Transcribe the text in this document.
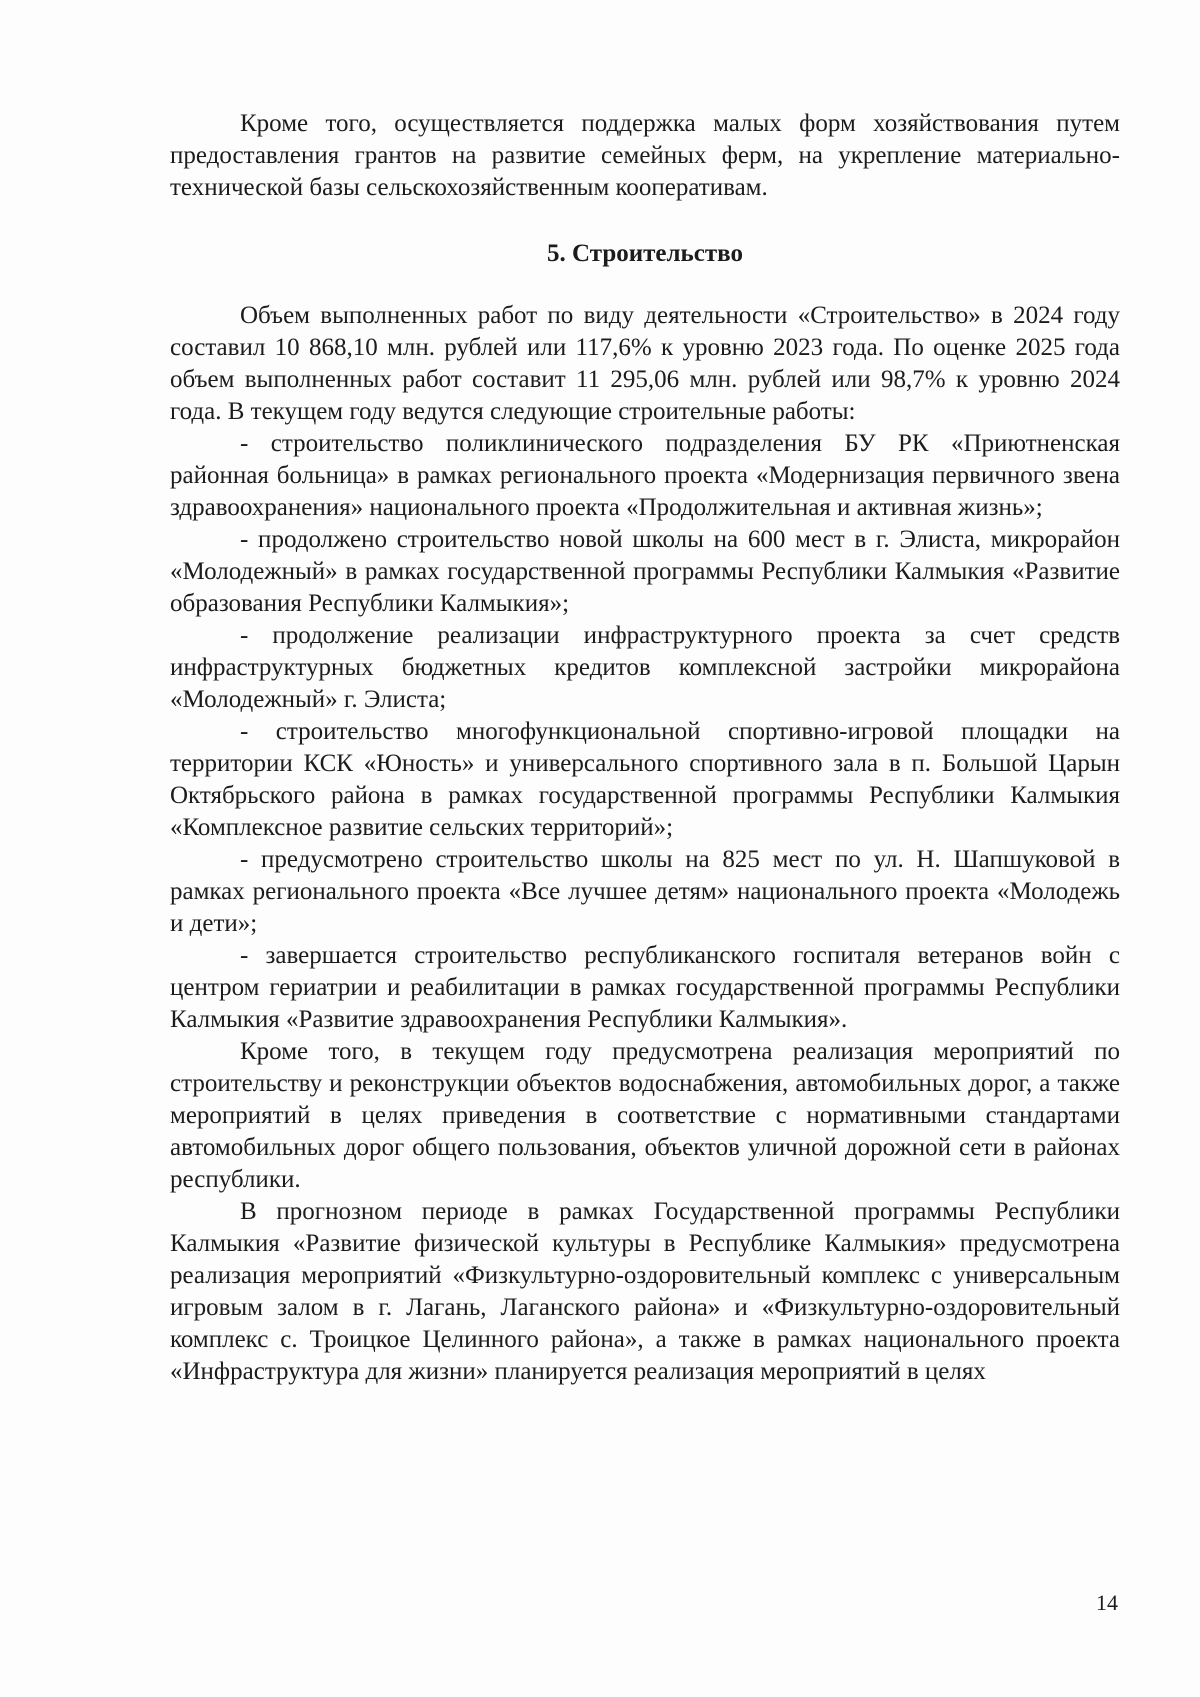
Кроме того, осуществляется поддержка малых форм хозяйствования путем предоставления грантов на развитие семейных ферм, на укрепление материально-технической базы сельскохозяйственным кооперативам.

5. Строительство

Объем выполненных работ по виду деятельности «Строительство» в 2024 году составил 10 868,10 млн. рублей или 117,6% к уровню 2023 года. По оценке 2025 года объем выполненных работ составит 11 295,06 млн. рублей или 98,7% к уровню 2024 года. В текущем году ведутся следующие строительные работы:

- строительство поликлинического подразделения БУ РК «Приютненская районная больница» в рамках регионального проекта «Модернизация первичного звена здравоохранения» национального проекта «Продолжительная и активная жизнь»;

- продолжено строительство новой школы на 600 мест в г. Элиста, микрорайон «Молодежный» в рамках государственной программы Республики Калмыкия «Развитие образования Республики Калмыкия»;

- продолжение реализации инфраструктурного проекта за счет средств инфраструктурных бюджетных кредитов комплексной застройки микрорайона «Молодежный» г. Элиста;

- строительство многофункциональной спортивно-игровой площадки на территории КСК «Юность» и универсального спортивного зала в п. Большой Царын Октябрьского района в рамках государственной программы Республики Калмыкия «Комплексное развитие сельских территорий»;

- предусмотрено строительство школы на 825 мест по ул. Н. Шапшуковой в рамках регионального проекта «Все лучшее детям» национального проекта «Молодежь и дети»;

- завершается строительство республиканского госпиталя ветеранов войн с центром гериатрии и реабилитации в рамках государственной программы Республики Калмыкия «Развитие здравоохранения Республики Калмыкия».

Кроме того, в текущем году предусмотрена реализация мероприятий по строительству и реконструкции объектов водоснабжения, автомобильных дорог, а также мероприятий в целях приведения в соответствие с нормативными стандартами автомобильных дорог общего пользования, объектов уличной дорожной сети в районах республики.

В прогнозном периоде в рамках Государственной программы Республики Калмыкия «Развитие физической культуры в Республике Калмыкия» предусмотрена реализация мероприятий «Физкультурно-оздоровительный комплекс с универсальным игровым залом в г. Лагань, Лаганского района» и «Физкультурно-оздоровительный комплекс с. Троицкое Целинного района», а также в рамках национального проекта «Инфраструктура для жизни» планируется реализация мероприятий в целях

14
